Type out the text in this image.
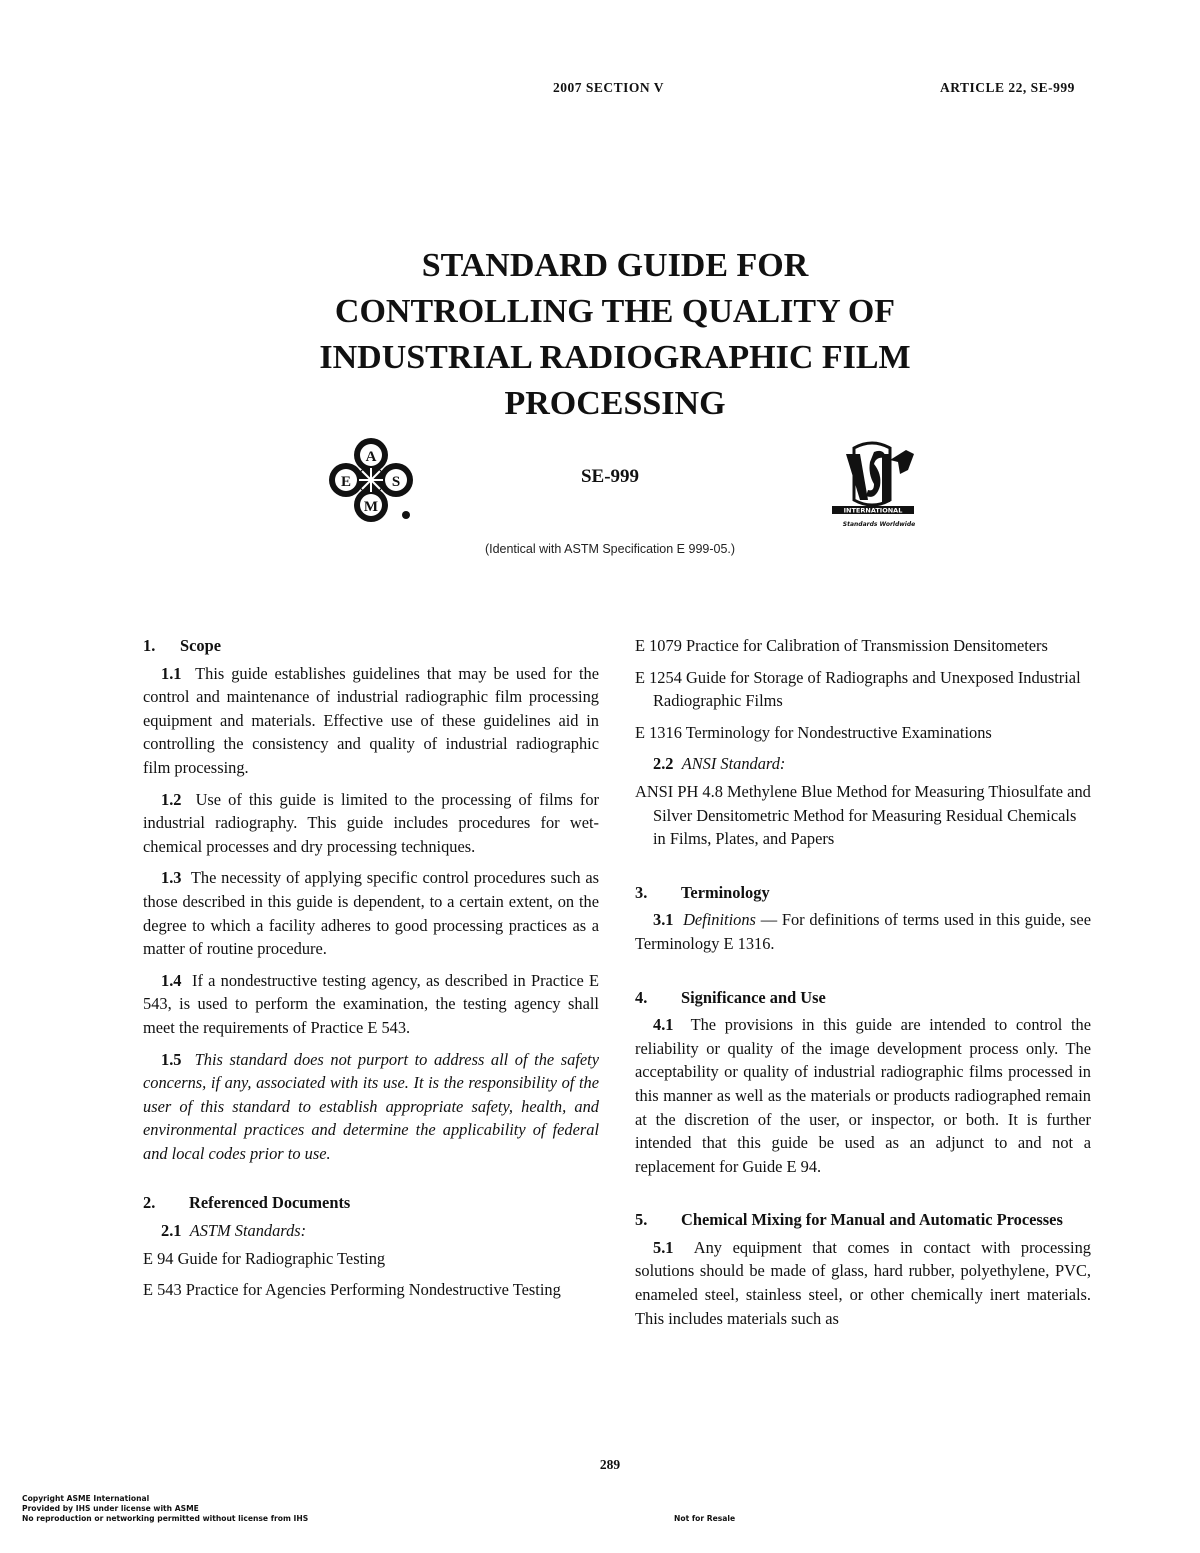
2007 SECTION V	ARTICLE 22, SE-999
STANDARD GUIDE FOR
CONTROLLING THE QUALITY OF
INDUSTRIAL RADIOGRAPHIC FILM
PROCESSING
A
E	S
M
SE-999
INTERNATIONAL
Standards Worldwide
(Identical with ASTM Specification E 999-05.)
1.	Scope

1.1 This guide establishes guidelines that may be used for the control and maintenance of industrial radiographic film processing equipment and materials. Effective use of these guidelines aid in controlling the consistency and quality of industrial radiographic film processing.

1.2 Use of this guide is limited to the processing of films for industrial radiography. This guide includes procedures for wet-chemical processes and dry processing techniques.

1.3 The necessity of applying specific control procedures such as those described in this guide is dependent, to a certain extent, on the degree to which a facility adheres to good processing practices as a matter of routine procedure.

1.4 If a nondestructive testing agency, as described in Practice E 543, is used to perform the examination, the testing agency shall meet the requirements of Practice E 543.

1.5 This standard does not purport to address all of the safety concerns, if any, associated with its use. It is the responsibility of the user of this standard to establish appropriate safety, health, and environmental practices and determine the applicability of federal and local codes prior to use.

2.	Referenced Documents

2.1 ASTM Standards:

E 94 Guide for Radiographic Testing

E 543 Practice for Agencies Performing Nondestructive Testing

E 1079 Practice for Calibration of Transmission Densitometers

E 1254 Guide for Storage of Radiographs and Unexposed Industrial Radiographic Films

E 1316 Terminology for Nondestructive Examinations

2.2 ANSI Standard:

ANSI PH 4.8 Methylene Blue Method for Measuring Thiosulfate and Silver Densitometric Method for Measuring Residual Chemicals in Films, Plates, and Papers

3.	Terminology

3.1 Definitions — For definitions of terms used in this guide, see Terminology E 1316.

4.	Significance and Use

4.1 The provisions in this guide are intended to control the reliability or quality of the image development process only. The acceptability or quality of industrial radiographic films processed in this manner as well as the materials or products radiographed remain at the discretion of the user, or inspector, or both. It is further intended that this guide be used as an adjunct to and not a replacement for Guide E 94.

5.	Chemical Mixing for Manual and Automatic Processes

5.1 Any equipment that comes in contact with processing solutions should be made of glass, hard rubber, polyethylene, PVC, enameled steel, stainless steel, or other chemically inert materials. This includes materials such as

289
Copyright ASME International
Provided by IHS under license with ASME
No reproduction or networking permitted without license from IHS	Not for Resale
